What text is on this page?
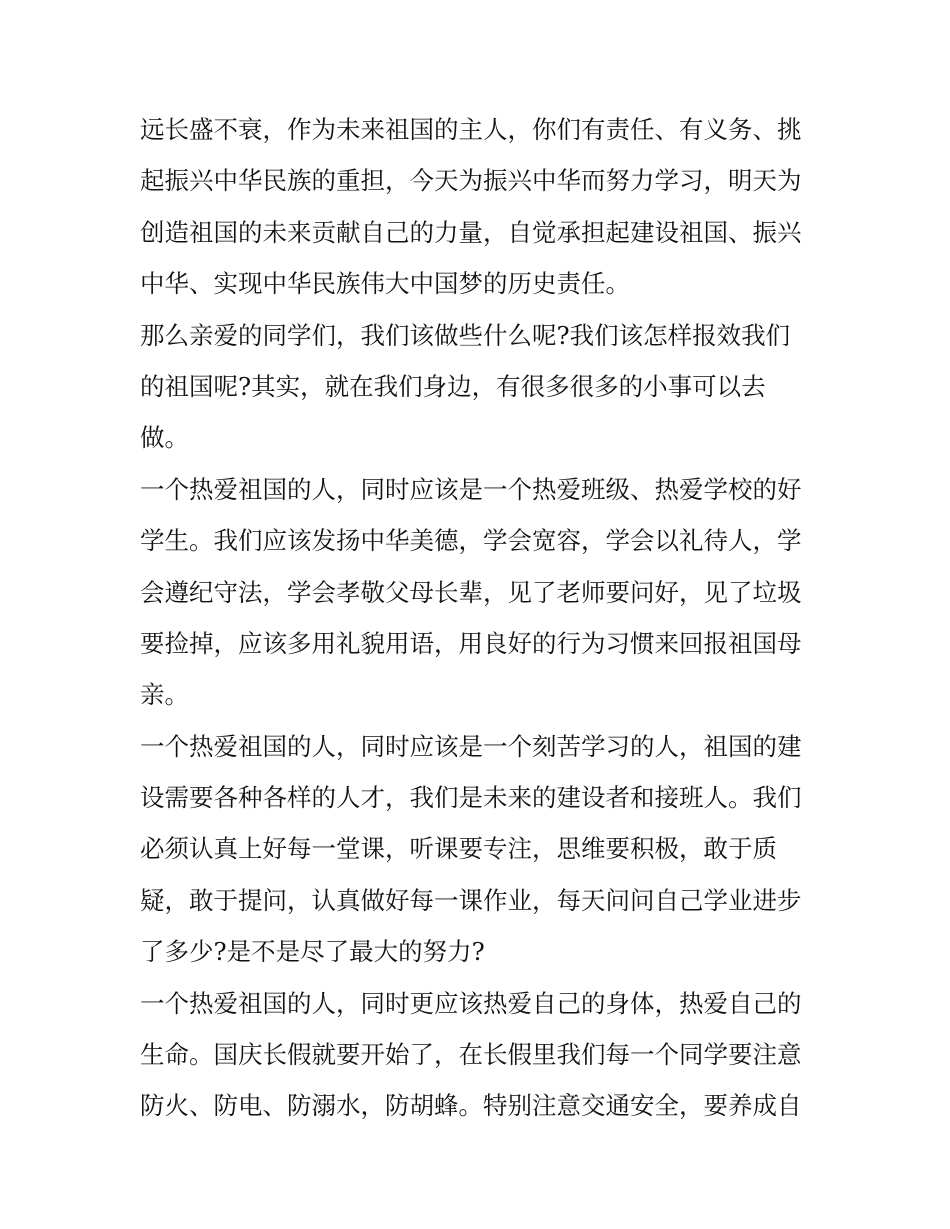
远长盛不衰，作为未来祖国的主人，你们有责任、有义务、挑
起振兴中华民族的重担，今天为振兴中华而努力学习，明天为
创造祖国的未来贡献自己的力量，自觉承担起建设祖国、振兴
中华、实现中华民族伟大中国梦的历史责任。
那么亲爱的同学们，我们该做些什么呢?我们该怎样报效我们
的祖国呢?其实，就在我们身边，有很多很多的小事可以去
做。
一个热爱祖国的人，同时应该是一个热爱班级、热爱学校的好
学生。我们应该发扬中华美德，学会宽容，学会以礼待人，学
会遵纪守法，学会孝敬父母长辈，见了老师要问好，见了垃圾
要捡掉，应该多用礼貌用语，用良好的行为习惯来回报祖国母
亲。
一个热爱祖国的人，同时应该是一个刻苦学习的人，祖国的建
设需要各种各样的人才，我们是未来的建设者和接班人。我们
必须认真上好每一堂课，听课要专注，思维要积极，敢于质
疑，敢于提问，认真做好每一课作业，每天问问自己学业进步
了多少?是不是尽了最大的努力?
一个热爱祖国的人，同时更应该热爱自己的身体，热爱自己的
生命。国庆长假就要开始了，在长假里我们每一个同学要注意
防火、防电、防溺水，防胡蜂。特别注意交通安全，要养成自
